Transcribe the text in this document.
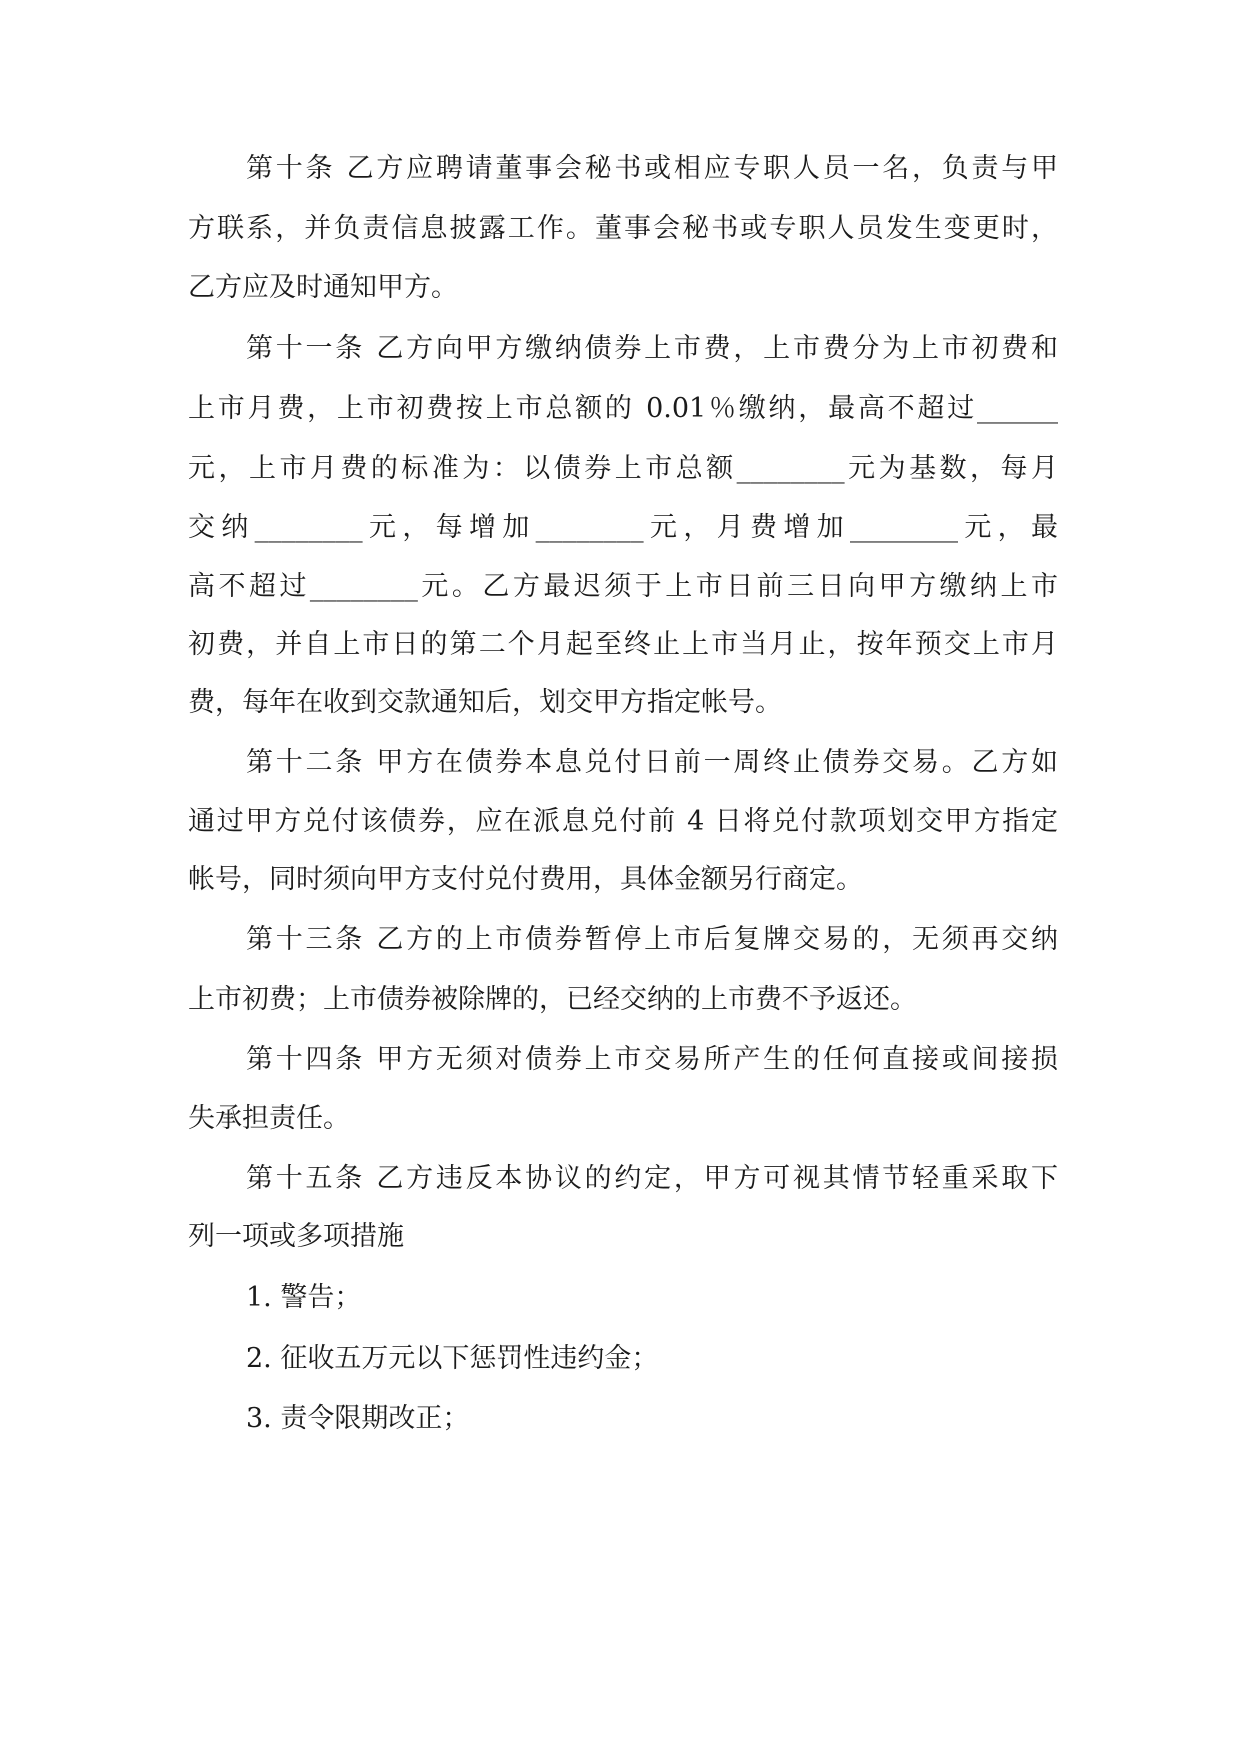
第十条 乙方应聘请董事会秘书或相应专职人员一名，负责与甲
方联系，并负责信息披露工作。董事会秘书或专职人员发生变更时，
乙方应及时通知甲方。
第十一条 乙方向甲方缴纳债券上市费，上市费分为上市初费和
上市月费，上市初费按上市总额的 0.01％缴纳，最高不超过______
元，上市月费的标准为：以债券上市总额________元为基数，每月
交纳________元，每增加________元，月费增加________元，最
高不超过________元。乙方最迟须于上市日前三日向甲方缴纳上市
初费，并自上市日的第二个月起至终止上市当月止，按年预交上市月
费，每年在收到交款通知后，划交甲方指定帐号。
第十二条 甲方在债券本息兑付日前一周终止债券交易。乙方如
通过甲方兑付该债券，应在派息兑付前 4 日将兑付款项划交甲方指定
帐号，同时须向甲方支付兑付费用，具体金额另行商定。
第十三条 乙方的上市债券暂停上市后复牌交易的，无须再交纳
上市初费；上市债券被除牌的，已经交纳的上市费不予返还。
第十四条 甲方无须对债券上市交易所产生的任何直接或间接损
失承担责任。
第十五条 乙方违反本协议的约定，甲方可视其情节轻重采取下
列一项或多项措施
1. 警告；
2. 征收五万元以下惩罚性违约金；
3. 责令限期改正；
